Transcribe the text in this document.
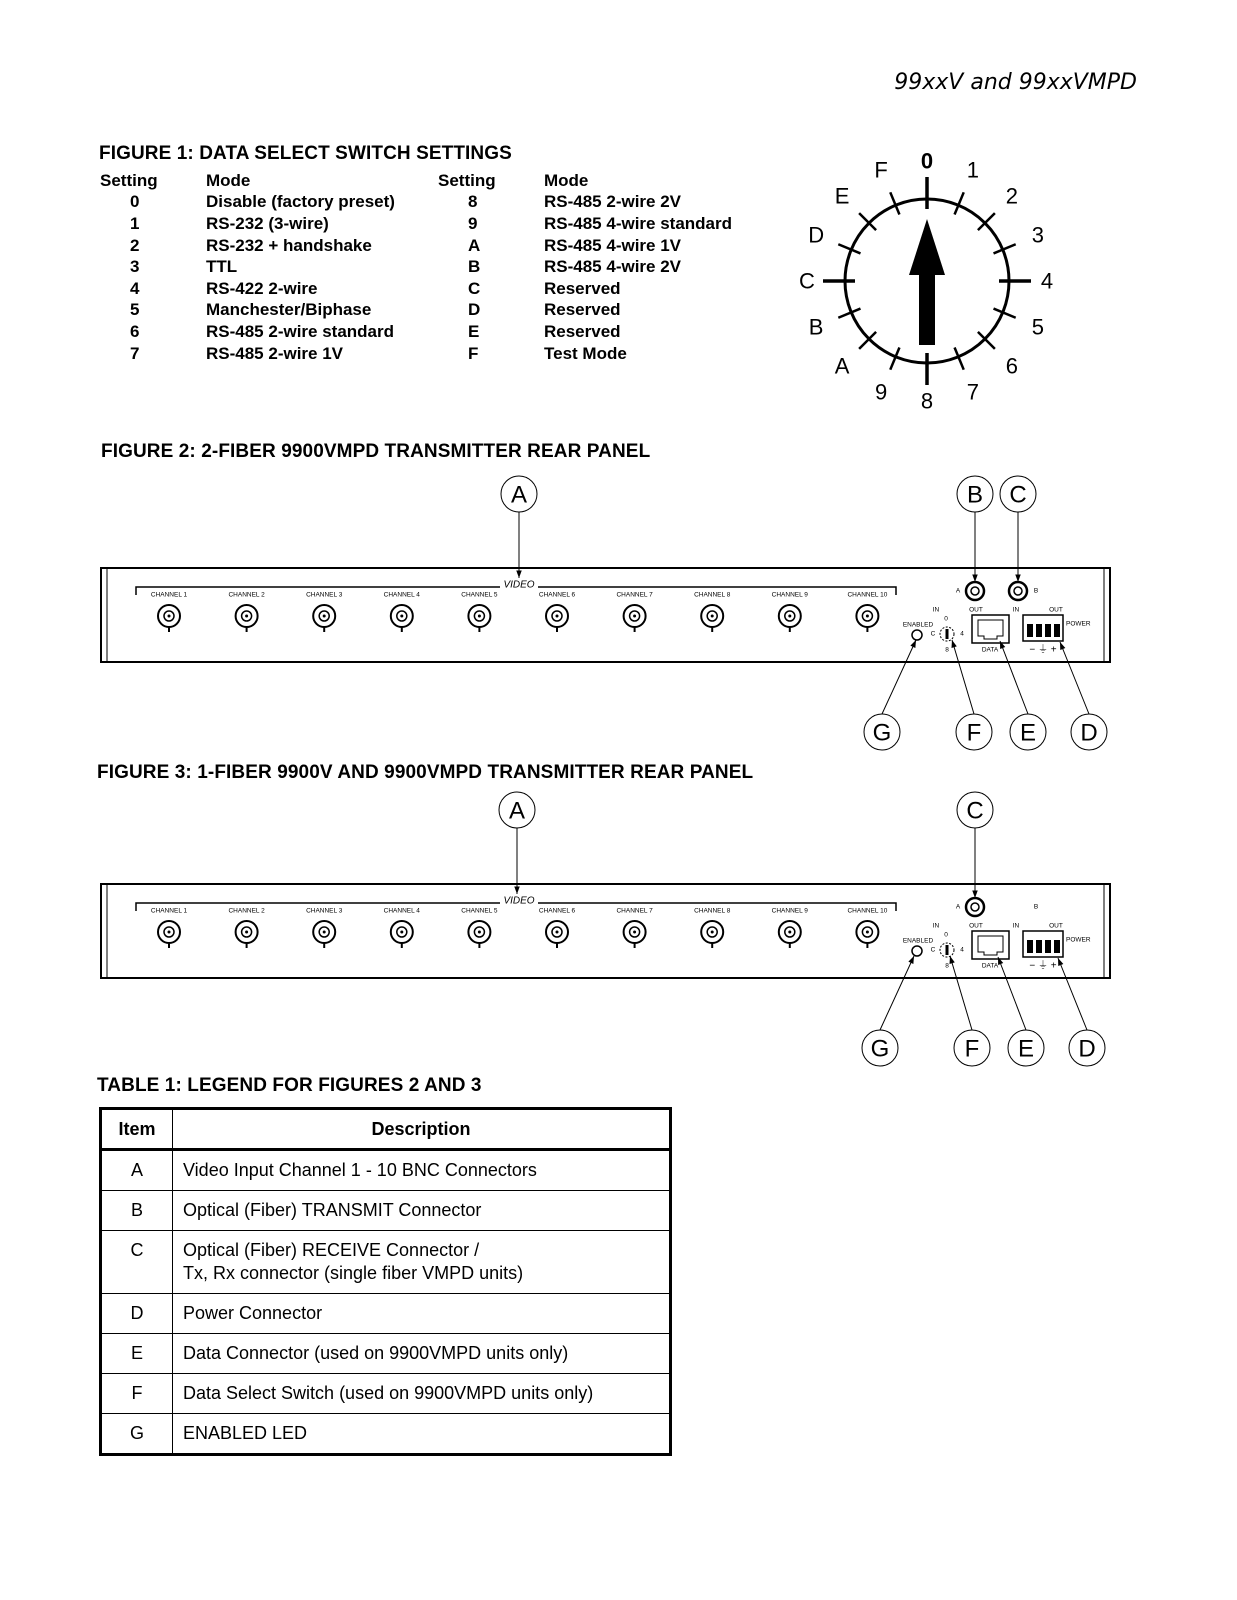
99xxV and 99xxVMPD
FIGURE 1: DATA SELECT SWITCH SETTINGS
Setting	Mode	Setting	Mode
0	Disable (factory preset)	8	RS-485 2-wire 2V
1	RS-232 (3-wire)	9	RS-485 4-wire standard
2	RS-232 + handshake	A	RS-485 4-wire 1V
3	TTL	B	RS-485 4-wire 2V
4	RS-422 2-wire	C	Reserved
5	Manchester/Biphase	D	Reserved
6	RS-485 2-wire standard	E	Reserved
7	RS-485 2-wire 1V	F	Test Mode
0 1
2
3
4
5
6
7
8
9
A
B
C
D
E
F
VIDEO
CHANNEL 1	CHANNEL 2	CHANNEL 3	CHANNEL 4	CHANNEL 5	CHANNEL 6	CHANNEL 7	CHANNEL 8	CHANNEL 9	CHANNEL 10
A	B
IN	OUT	IN	OUT
ENABLED
0
C	4
8	DATA
POWER
− ⏚ +
A	B C
G	F E D
VIDEO
CHANNEL 1	CHANNEL 2	CHANNEL 3	CHANNEL 4	CHANNEL 5	CHANNEL 6	CHANNEL 7	CHANNEL 8	CHANNEL 9	CHANNEL 10
A	B
IN	OUT	IN	OUT
ENABLED
0
C	4
8	DATA
POWER
− ⏚ +
A	C
G	F E D
FIGURE 2: 2-FIBER 9900VMPD TRANSMITTER REAR PANEL
FIGURE 3: 1-FIBER 9900V AND 9900VMPD TRANSMITTER REAR PANEL
TABLE 1: LEGEND FOR FIGURES 2 AND 3
Item	Description
A	Video Input Channel 1 - 10 BNC Connectors

B	Optical (Fiber) TRANSMIT Connector

C	Optical (Fiber) RECEIVE Connector /
Tx, Rx connector (single fiber VMPD units)

D	Power Connector

E	Data Connector (used on 9900VMPD units only)

F	Data Select Switch (used on 9900VMPD units only)

G	ENABLED LED
